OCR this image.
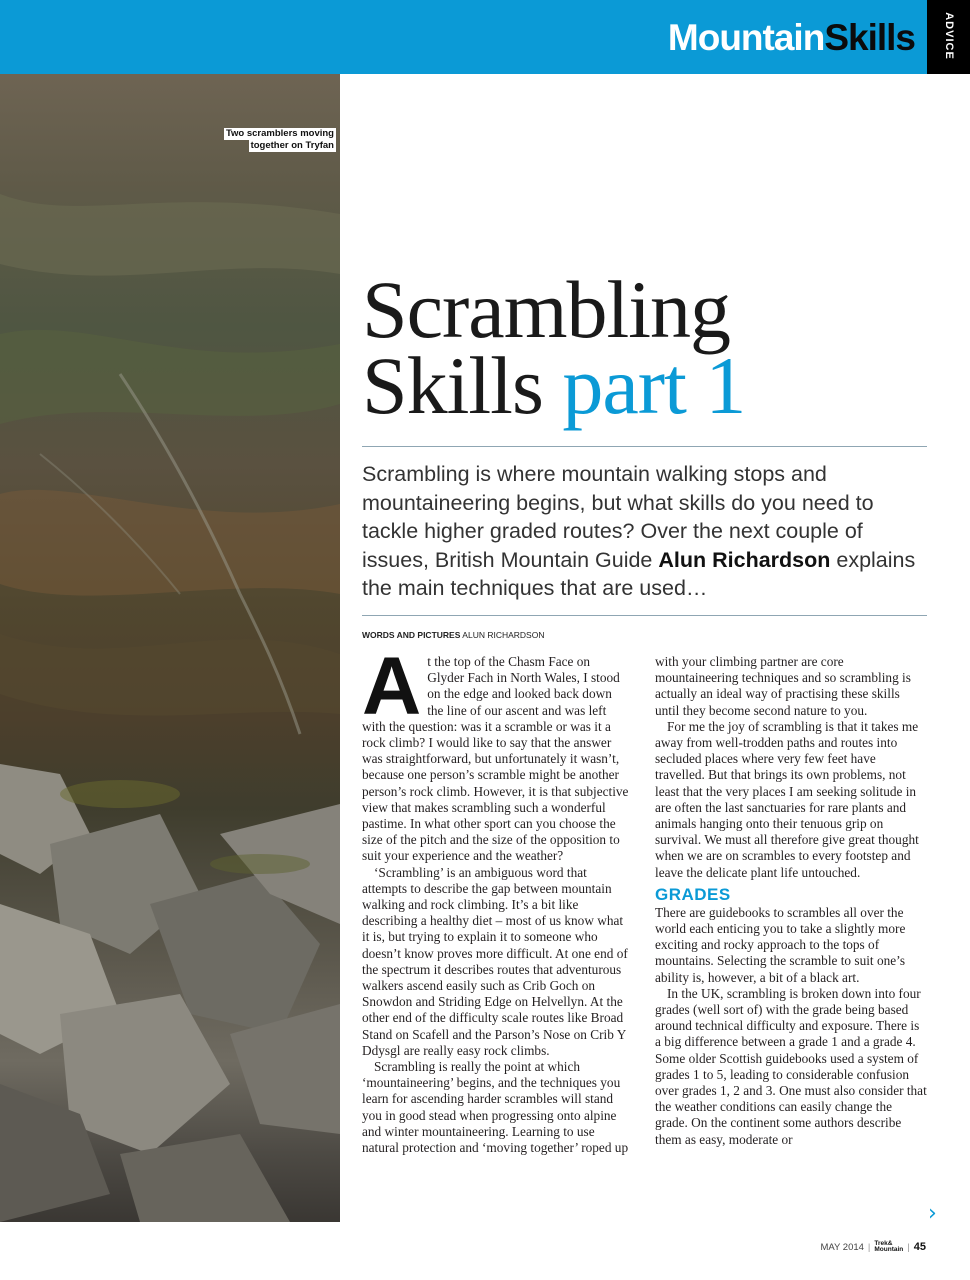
MountainSkills	ADVICE
Two scramblers moving
together on Tryfan
Scrambling
Skills part 1
Scrambling is where mountain walking stops and mountaineering begins, but what skills do you need to tackle higher graded routes? Over the next couple of issues, British Mountain Guide Alun Richardson explains the main techniques that are used…
WORDS AND PICTURES ALUN RICHARDSON

At the top of the Chasm Face on Glyder Fach in North Wales, I stood on the edge and looked back down the line of our ascent and was left with the question: was it a scramble or was it a rock climb? I would like to say that the answer was straightforward, but unfortunately it wasn’t, because one person’s scramble might be another person’s rock climb. However, it is that subjective view that makes scrambling such a wonderful pastime. In what other sport can you choose the size of the pitch and the size of the opposition to suit your experience and the weather?

‘Scrambling’ is an ambiguous word that attempts to describe the gap between mountain walking and rock climbing. It’s a bit like describing a healthy diet – most of us know what it is, but trying to explain it to someone who doesn’t know proves more difficult. At one end of the spectrum it describes routes that adventurous walkers ascend easily such as Crib Goch on Snowdon and Striding Edge on Helvellyn. At the other end of the difficulty scale routes like Broad Stand on Scafell and the Parson’s Nose on Crib Y Ddysgl are really easy rock climbs.

Scrambling is really the point at which ‘mountaineering’ begins, and the techniques you learn for ascending harder scrambles will stand you in good stead when progressing onto alpine and winter mountaineering. Learning to use natural protection and ‘moving together’ roped up

with your climbing partner are core mountaineering techniques and so scrambling is actually an ideal way of practising these skills until they become second nature to you.

For me the joy of scrambling is that it takes me away from well-trodden paths and routes into secluded places where very few feet have travelled. But that brings its own problems, not least that the very places I am seeking solitude in are often the last sanctuaries for rare plants and animals hanging onto their tenuous grip on survival. We must all therefore give great thought when we are on scrambles to every footstep and leave the delicate plant life untouched.

GRADES

There are guidebooks to scrambles all over the world each enticing you to take a slightly more exciting and rocky approach to the tops of mountains. Selecting the scramble to suit one’s ability is, however, a bit of a black art.

In the UK, scrambling is broken down into four grades (well sort of) with the grade being based around technical difficulty and exposure. There is a big difference between a grade 1 and a grade 4. Some older Scottish guidebooks used a system of grades 1 to 5, leading to considerable confusion over grades 1, 2 and 3. One must also consider that the weather conditions can easily change the grade. On the continent some authors describe them as easy, moderate or

›
MAY 2014 | Trek&
Mountain | 45
